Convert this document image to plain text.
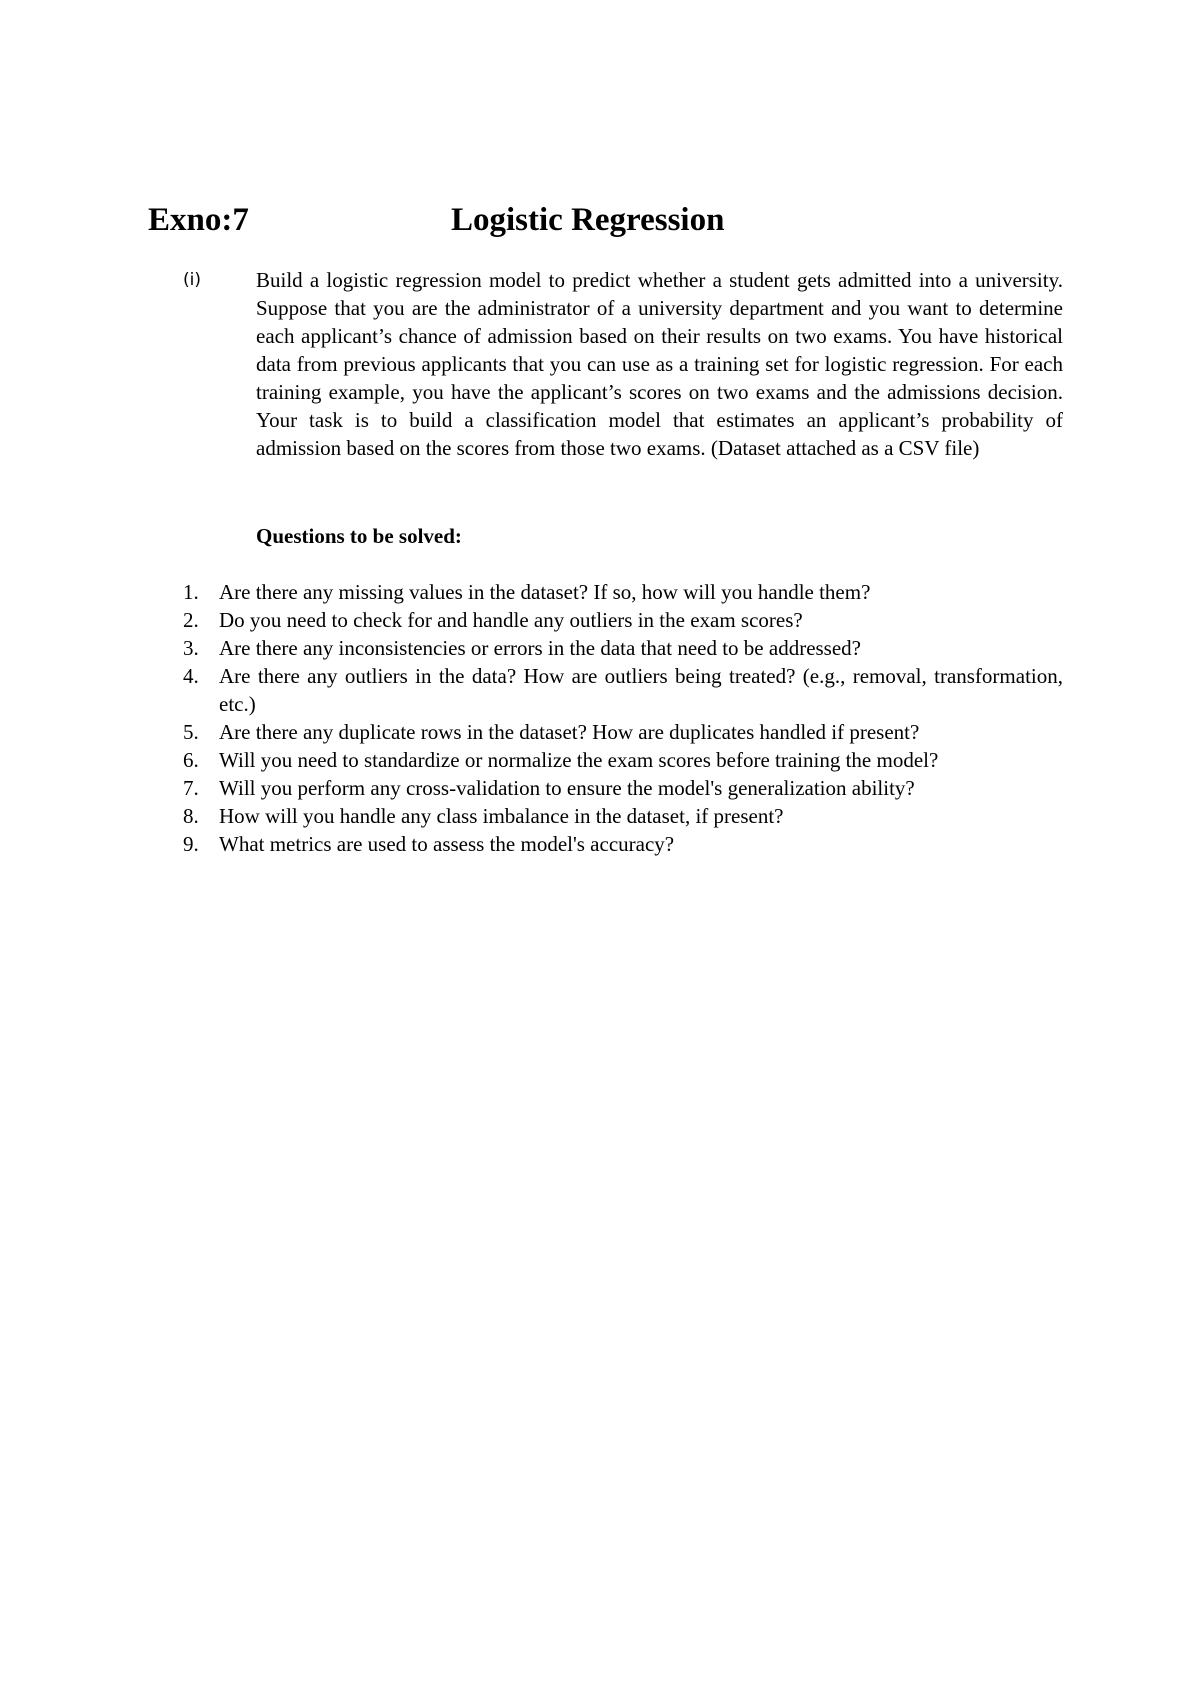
Exno:7	Logistic Regression
(i)	Build a logistic regression model to predict whether a student gets admitted into a university. Suppose that you are the administrator of a university department and you want to determine each applicant’s chance of admission based on their results on two exams. You have historical data from previous applicants that you can use as a training set for logistic regression. For each training example, you have the applicant’s scores on two exams and the admissions decision. Your task is to build a classification model that estimates an applicant’s probability of admission based on the scores from those two exams. (Dataset attached as a CSV file)
Questions to be solved:
1. Are there any missing values in the dataset? If so, how will you handle them?
2. Do you need to check for and handle any outliers in the exam scores?
3. Are there any inconsistencies or errors in the data that need to be addressed?
4. Are there any outliers in the data? How are outliers being treated? (e.g., removal, transformation, etc.)
5. Are there any duplicate rows in the dataset? How are duplicates handled if present?
6. Will you need to standardize or normalize the exam scores before training the model?
7. Will you perform any cross-validation to ensure the model's generalization ability?
8. How will you handle any class imbalance in the dataset, if present?
9. What metrics are used to assess the model's accuracy?
